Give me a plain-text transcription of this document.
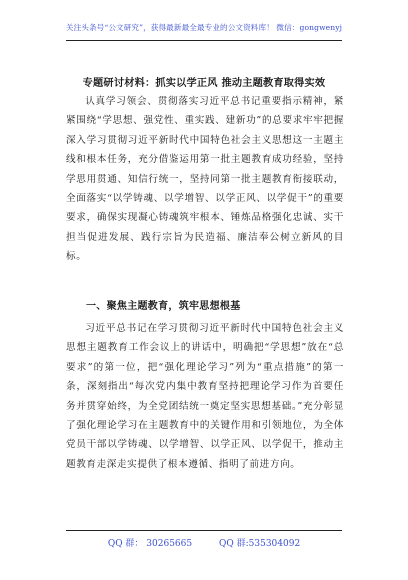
关注头条号“公文研究”，获得最新最全最专业的公文资料库！ 微信：gongwenyj
专题研讨材料：抓实以学正风 推动主题教育取得实效

认真学习领会、贯彻落实习近平总书记重要指示精神，紧紧围绕“学思想、强党性、重实践、建新功”的总要求牢牢把握深入学习贯彻习近平新时代中国特色社会主义思想这一主题主线和根本任务，充分借鉴运用第一批主题教育成功经验，坚持学思用贯通、知信行统一，坚持同第一批主题教育衔接联动，全面落实“以学铸魂、以学增智、以学正风、以学促干”的重要要求，确保实现凝心铸魂筑牢根本、锤炼品格强化忠诚、实干担当促进发展、践行宗旨为民造福、廉洁奉公树立新风的目标。

一、聚焦主题教育，筑牢思想根基

习近平总书记在学习贯彻习近平新时代中国特色社会主义思想主题教育工作会议上的讲话中，明确把“学思想”放在“总要求”的第一位，把“强化理论学习”列为“重点措施”的第一条，深刻指出“每次党内集中教育坚持把理论学习作为首要任务并贯穿始终，为全党团结统一奠定坚实思想基础。”充分彰显了强化理论学习在主题教育中的关键作用和引领地位，为全体党员干部以学铸魂、以学增智、以学正风、以学促干，推动主题教育走深走实提供了根本遵循、指明了前进方向。

QQ 群： 30265665	QQ 群:535304092
